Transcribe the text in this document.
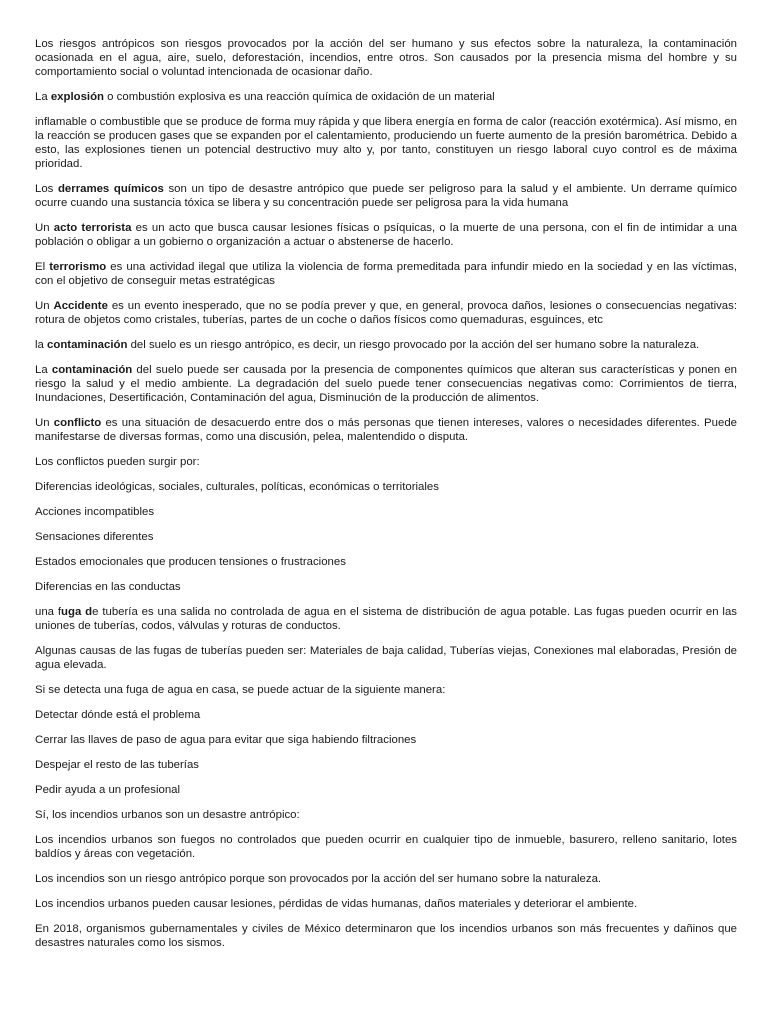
Los riesgos antrópicos son riesgos provocados por la acción del ser humano y sus efectos sobre la naturaleza, la contaminación ocasionada en el agua, aire, suelo, deforestación, incendios, entre otros. Son causados por la presencia misma del hombre y su comportamiento social o voluntad intencionada de ocasionar daño.

La explosión o combustión explosiva es una reacción química de oxidación de un material

inflamable o combustible que se produce de forma muy rápida y que libera energía en forma de calor (reacción exotérmica). Así mismo, en la reacción se producen gases que se expanden por el calentamiento, produciendo un fuerte aumento de la presión barométrica. Debido a esto, las explosiones tienen un potencial destructivo muy alto y, por tanto, constituyen un riesgo laboral cuyo control es de máxima prioridad.

Los derrames químicos son un tipo de desastre antrópico que puede ser peligroso para la salud y el ambiente. Un derrame químico ocurre cuando una sustancia tóxica se libera y su concentración puede ser peligrosa para la vida humana

Un acto terrorista es un acto que busca causar lesiones físicas o psíquicas, o la muerte de una persona, con el fin de intimidar a una población o obligar a un gobierno o organización a actuar o abstenerse de hacerlo.

El terrorismo es una actividad ilegal que utiliza la violencia de forma premeditada para infundir miedo en la sociedad y en las víctimas, con el objetivo de conseguir metas estratégicas

Un Accidente es un evento inesperado, que no se podía prever y que, en general, provoca daños, lesiones o consecuencias negativas: rotura de objetos como cristales, tuberías, partes de un coche o daños físicos como quemaduras, esguinces, etc

la contaminación del suelo es un riesgo antrópico, es decir, un riesgo provocado por la acción del ser humano sobre la naturaleza.

La contaminación del suelo puede ser causada por la presencia de componentes químicos que alteran sus características y ponen en riesgo la salud y el medio ambiente. La degradación del suelo puede tener consecuencias negativas como: Corrimientos de tierra, Inundaciones, Desertificación, Contaminación del agua, Disminución de la producción de alimentos.

Un conflicto es una situación de desacuerdo entre dos o más personas que tienen intereses, valores o necesidades diferentes. Puede manifestarse de diversas formas, como una discusión, pelea, malentendido o disputa.

Los conflictos pueden surgir por:

Diferencias ideológicas, sociales, culturales, políticas, económicas o territoriales

Acciones incompatibles

Sensaciones diferentes

Estados emocionales que producen tensiones o frustraciones

Diferencias en las conductas

una fuga de tubería es una salida no controlada de agua en el sistema de distribución de agua potable. Las fugas pueden ocurrir en las uniones de tuberías, codos, válvulas y roturas de conductos.

Algunas causas de las fugas de tuberías pueden ser: Materiales de baja calidad, Tuberías viejas, Conexiones mal elaboradas, Presión de agua elevada.

Si se detecta una fuga de agua en casa, se puede actuar de la siguiente manera:

Detectar dónde está el problema

Cerrar las llaves de paso de agua para evitar que siga habiendo filtraciones

Despejar el resto de las tuberías

Pedir ayuda a un profesional

Sí, los incendios urbanos son un desastre antrópico:

Los incendios urbanos son fuegos no controlados que pueden ocurrir en cualquier tipo de inmueble, basurero, relleno sanitario, lotes baldíos y áreas con vegetación.

Los incendios son un riesgo antrópico porque son provocados por la acción del ser humano sobre la naturaleza.

Los incendios urbanos pueden causar lesiones, pérdidas de vidas humanas, daños materiales y deteriorar el ambiente.

En 2018, organismos gubernamentales y civiles de México determinaron que los incendios urbanos son más frecuentes y dañinos que desastres naturales como los sismos.
